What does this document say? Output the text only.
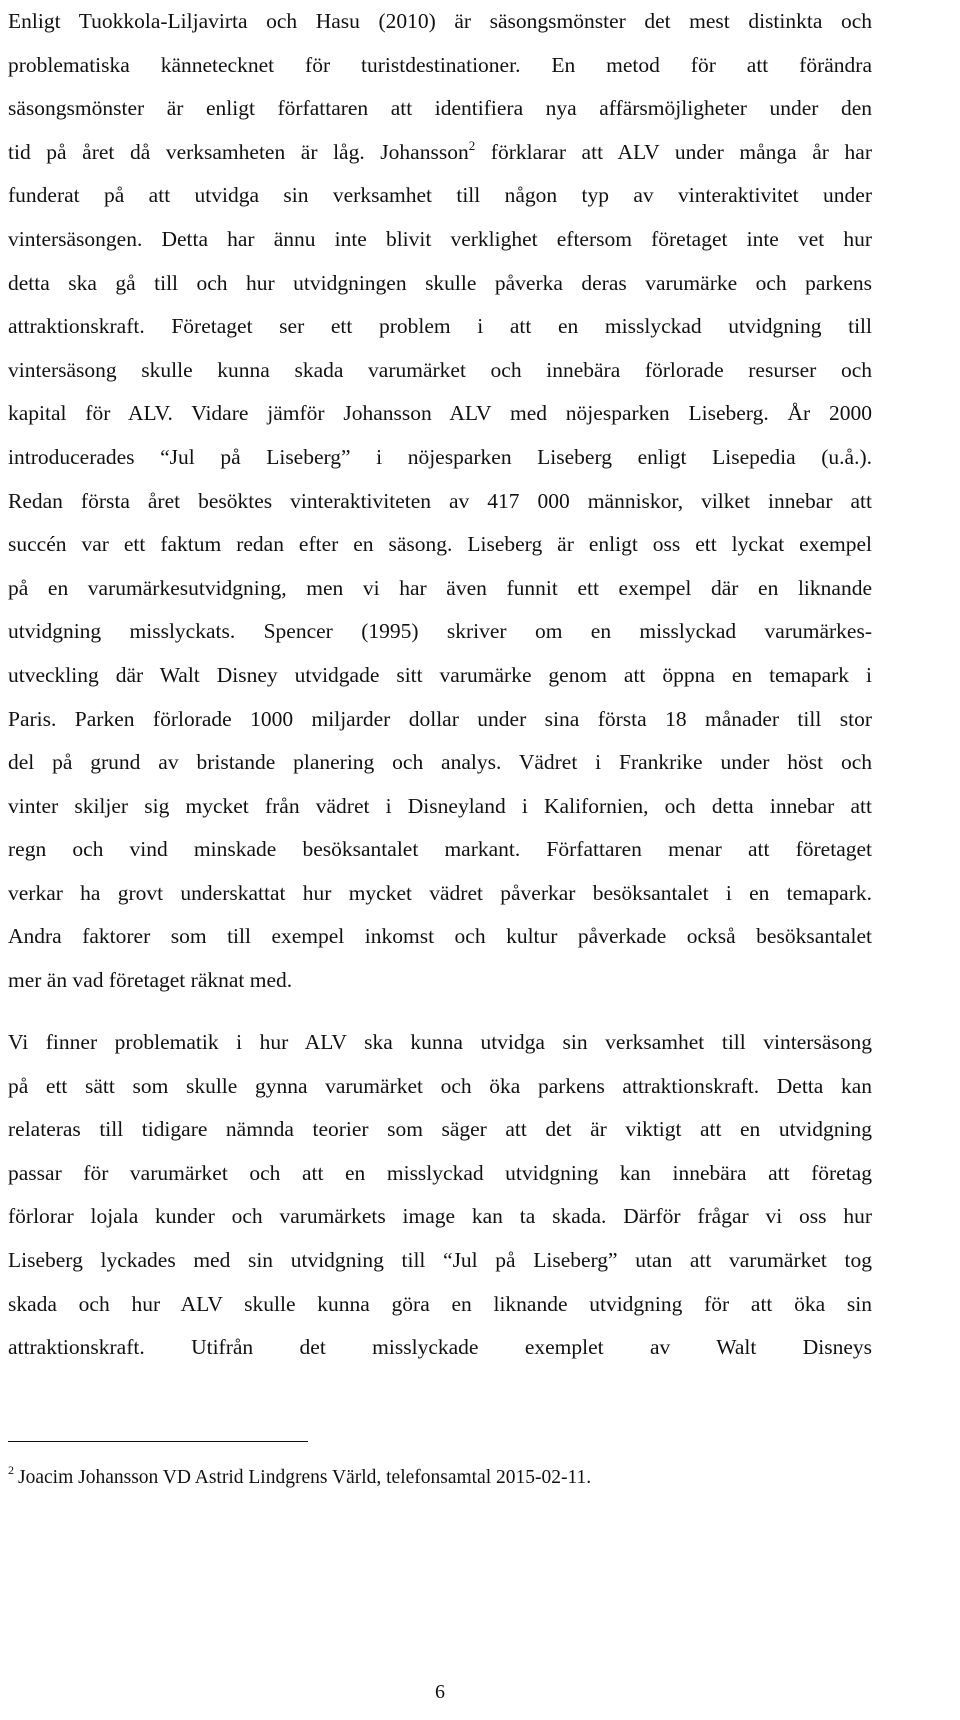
Enligt Tuokkola-Liljavirta och Hasu (2010) är säsongsmönster det mest distinkta och
problematiska kännetecknet för turistdestinationer. En metod för att förändra
säsongsmönster är enligt författaren att identifiera nya affärsmöjligheter under den
tid på året då verksamheten är låg. Johansson$^2$ förklarar att ALV under många år har
funderat på att utvidga sin verksamhet till någon typ av vinteraktivitet under
vintersäsongen. Detta har ännu inte blivit verklighet eftersom företaget inte vet hur
detta ska gå till och hur utvidgningen skulle påverka deras varumärke och parkens
attraktionskraft. Företaget ser ett problem i att en misslyckad utvidgning till
vintersäsong skulle kunna skada varumärket och innebära förlorade resurser och
kapital för ALV. Vidare jämför Johansson ALV med nöjesparken Liseberg. År 2000
introducerades “Jul på Liseberg” i nöjesparken Liseberg enligt Lisepedia (u.å.).
Redan första året besöktes vinteraktiviteten av 417 000 människor, vilket innebar att
succén var ett faktum redan efter en säsong. Liseberg är enligt oss ett lyckat exempel
på en varumärkesutvidgning, men vi har även funnit ett exempel där en liknande
utvidgning misslyckats. Spencer (1995) skriver om en misslyckad varumärkes-
utveckling där Walt Disney utvidgade sitt varumärke genom att öppna en temapark i
Paris. Parken förlorade 1000 miljarder dollar under sina första 18 månader till stor
del på grund av bristande planering och analys. Vädret i Frankrike under höst och
vinter skiljer sig mycket från vädret i Disneyland i Kalifornien, och detta innebar att
regn och vind minskade besöksantalet markant. Författaren menar att företaget
verkar ha grovt underskattat hur mycket vädret påverkar besöksantalet i en temapark.
Andra faktorer som till exempel inkomst och kultur påverkade också besöksantalet
mer än vad företaget räknat med.
Vi finner problematik i hur ALV ska kunna utvidga sin verksamhet till vintersäsong
på ett sätt som skulle gynna varumärket och öka parkens attraktionskraft. Detta kan
relateras till tidigare nämnda teorier som säger att det är viktigt att en utvidgning
passar för varumärket och att en misslyckad utvidgning kan innebära att företag
förlorar lojala kunder och varumärkets image kan ta skada. Därför frågar vi oss hur
Liseberg lyckades med sin utvidgning till “Jul på Liseberg” utan att varumärket tog
skada och hur ALV skulle kunna göra en liknande utvidgning för att öka sin
attraktionskraft. Utifrån det misslyckade exemplet av Walt Disneys
$^2$ Joacim Johansson VD Astrid Lindgrens Värld, telefonsamtal 2015-02-11.
6
